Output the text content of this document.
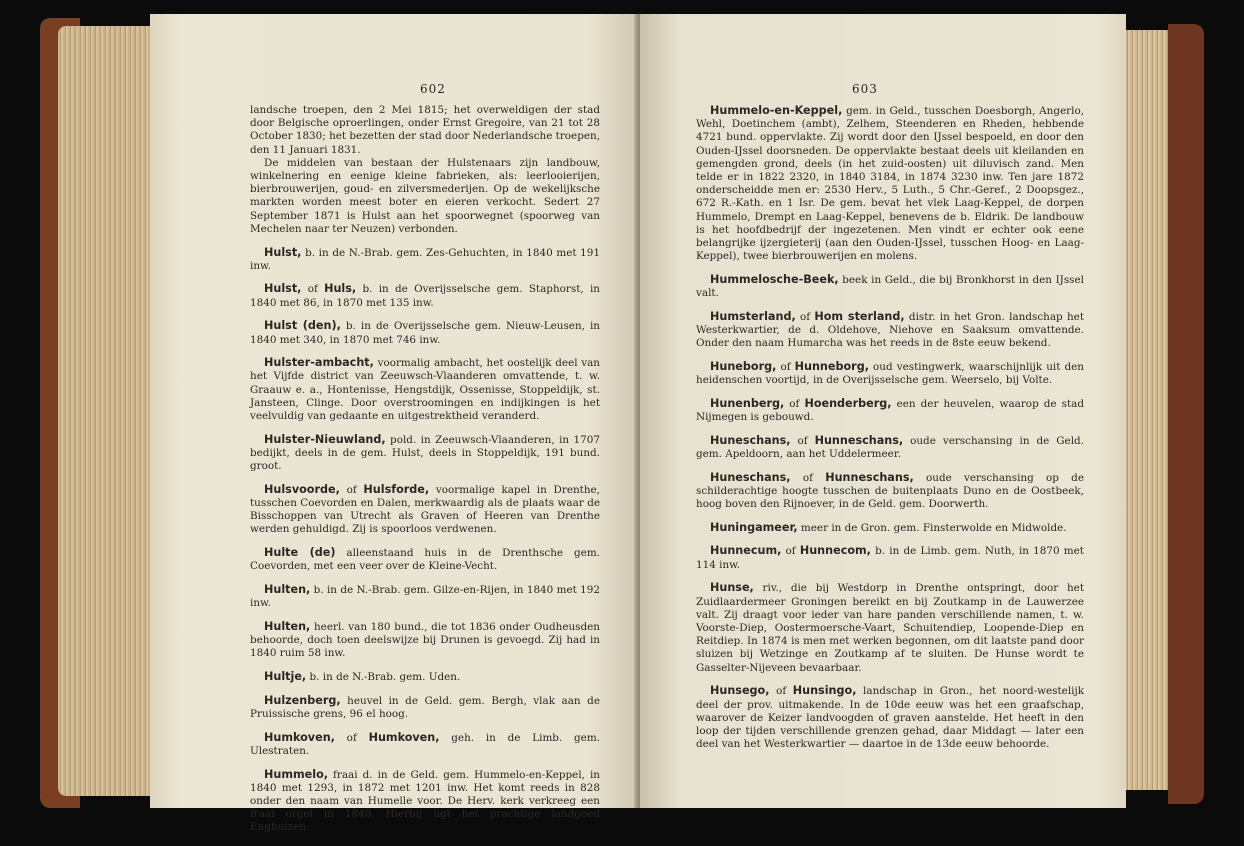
602

landsche troepen, den 2 Mei 1815; het overweldigen der stad door Belgische oproerlingen, onder Ernst Gregoire, van 21 tot 28 October 1830; het bezetten der stad door Nederlandsche troepen, den 11 Januari 1831.
De middelen van bestaan der Hulstenaars zijn landbouw, winkelnering en eenige kleine fabrieken, als: leerlooierijen, bierbrouwerijen, goud- en zilversmederijen. Op de wekelijksche markten worden meest boter en eieren verkocht. Sedert 27 September 1871 is Hulst aan het spoorwegnet (spoorweg van Mechelen naar ter Neuzen) verbonden.

Hulst, b. in de N.-Brab. gem. Zes-Gehuchten, in 1840 met 191 inw.

Hulst, of Huls, b. in de Overijsselsche gem. Staphorst, in 1840 met 86, in 1870 met 135 inw.

Hulst (den), b. in de Overijsselsche gem. Nieuw-Leusen, in 1840 met 340, in 1870 met 746 inw.

Hulster-ambacht, voormalig ambacht, het oostelijk deel van het Vijfde district van Zeeuwsch-Vlaanderen omvattende, t. w. Graauw e. a., Hontenisse, Hengstdijk, Ossenisse, Stoppeldijk, st. Jansteen, Clinge. Door overstroomingen en indijkingen is het veelvuldig van gedaante en uitgestrektheid veranderd.

Hulster-Nieuwland, pold. in Zeeuwsch-Vlaanderen, in 1707 bedijkt, deels in de gem. Hulst, deels in Stoppeldijk, 191 bund. groot.

Hulsvoorde, of Hulsforde, voormalige kapel in Drenthe, tusschen Coevorden en Dalen, merkwaardig als de plaats waar de Bisschoppen van Utrecht als Graven of Heeren van Drenthe werden gehuldigd. Zij is spoorloos verdwenen.

Hulte (de) alleenstaand huis in de Drenthsche gem. Coevorden, met een veer over de Kleine-Vecht.

Hulten, b. in de N.-Brab. gem. Gilze-en-Rijen, in 1840 met 192 inw.

Hulten, heerl. van 180 bund., die tot 1836 onder Oudheusden behoorde, doch toen deelswijze bij Drunen is gevoegd. Zij had in 1840 ruim 58 inw.

Hultje, b. in de N.-Brab. gem. Uden.

Hulzenberg, heuvel in de Geld. gem. Bergh, vlak aan de Pruissische grens, 96 el hoog.

Humkoven, of Humkoven, geh. in de Limb. gem. Ulestraten.

Hummelo, fraai d. in de Geld. gem. Hummelo-en-Keppel, in 1840 met 1293, in 1872 met 1201 inw. Het komt reeds in 828 onder den naam van Humelle voor. De Herv. kerk verkreeg een fraai orgel in 1840. Hierbij ligt het prachtige landgoed Enghuizen.

603

Hummelo-en-Keppel, gem. in Geld., tusschen Doesborgh, Angerlo, Wehl, Doetinchem (ambt), Zelhem, Steenderen en Rheden, hebbende 4721 bund. oppervlakte. Zij wordt door den IJssel bespoeld, en door den Ouden-IJssel doorsneden. De oppervlakte bestaat deels uit kleilanden en gemengden grond, deels (in het zuid-oosten) uit diluvisch zand. Men telde er in 1822 2320, in 1840 3184, in 1874 3230 inw. Ten jare 1872 onderscheidde men er: 2530 Herv., 5 Luth., 5 Chr.-Geref., 2 Doopsgez., 672 R.-Kath. en 1 Isr. De gem. bevat het vlek Laag-Keppel, de dorpen Hummelo, Drempt en Laag-Keppel, benevens de b. Eldrik. De landbouw is het hoofdbedrijf der ingezetenen. Men vindt er echter ook eene belangrijke ijzergieterij (aan den Ouden-IJssel, tusschen Hoog- en Laag-Keppel), twee bierbrouwerijen en molens.

Hummelosche-Beek, beek in Geld., die bij Bronkhorst in den IJssel valt.

Humsterland, of Hom sterland, distr. in het Gron. landschap het Westerkwartier, de d. Oldehove, Niehove en Saaksum omvattende. Onder den naam Humarcha was het reeds in de 8ste eeuw bekend.

Huneborg, of Hunneborg, oud vestingwerk, waarschijnlijk uit den heidenschen voortijd, in de Overijsselsche gem. Weerselo, bij Volte.

Hunenberg, of Hoenderberg, een der heuvelen, waarop de stad Nijmegen is gebouwd.

Huneschans, of Hunneschans, oude verschansing in de Geld. gem. Apeldoorn, aan het Uddelermeer.

Huneschans, of Hunneschans, oude verschansing op de schilderachtige hoogte tusschen de buitenplaats Duno en de Oostbeek, hoog boven den Rijnoever, in de Geld. gem. Doorwerth.

Huningameer, meer in de Gron. gem. Finsterwolde en Midwolde.

Hunnecum, of Hunnecom, b. in de Limb. gem. Nuth, in 1870 met 114 inw.

Hunse, riv., die bij Westdorp in Drenthe ontspringt, door het Zuidlaardermeer Groningen bereikt en bij Zoutkamp in de Lauwerzee valt. Zij draagt voor ieder van hare panden verschillende namen, t. w. Voorste-Diep, Oostermoersche-Vaart, Schuitendiep, Loopende-Diep en Reitdiep. In 1874 is men met werken begonnen, om dit laatste pand door sluizen bij Wetzinge en Zoutkamp af te sluiten. De Hunse wordt te Gasselter-Nijeveen bevaarbaar.

Hunsego, of Hunsingo, landschap in Gron., het noord-westelijk deel der prov. uitmakende. In de 10de eeuw was het een graafschap, waarover de Keizer landvoogden of graven aanstelde. Het heeft in den loop der tijden verschillende grenzen gehad, daar Middagt — later een deel van het Westerkwartier — daartoe in de 13de eeuw behoorde.
